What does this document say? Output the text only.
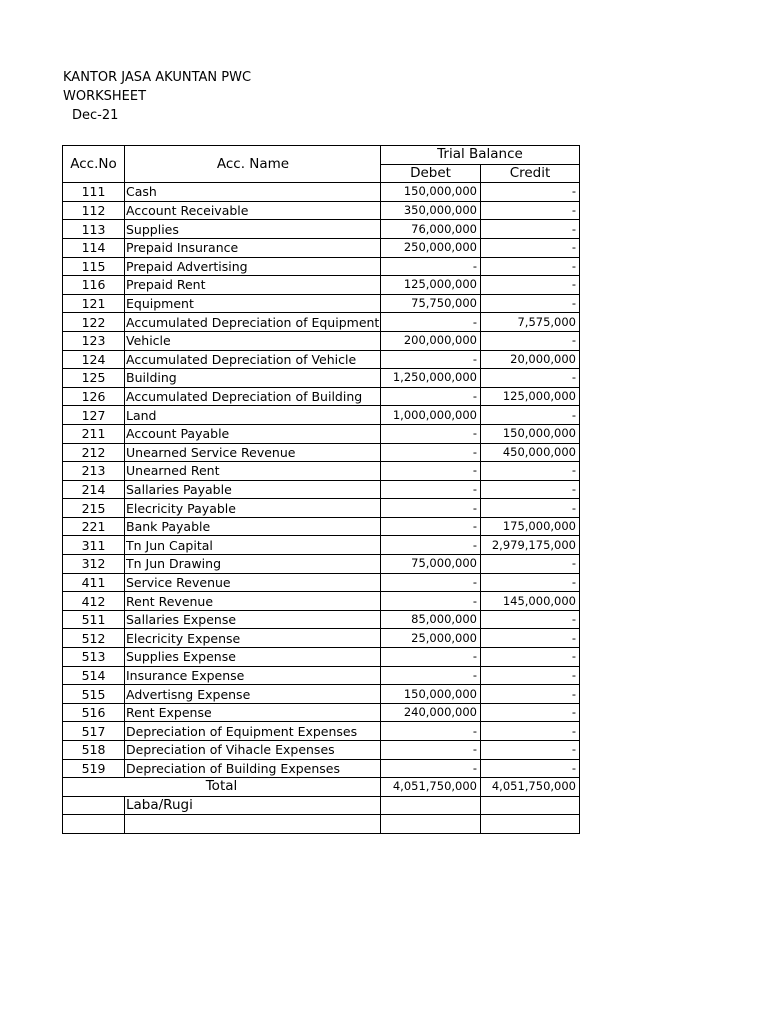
KANTOR JASA AKUNTAN PWC
WORKSHEET
Dec-21
Acc.No	Acc. Name	Trial Balance	
		Debet	Credit
111	Cash	150,000,000	-
112	Account Receivable	350,000,000	-
113	Supplies	76,000,000	-
114	Prepaid Insurance	250,000,000	-
115	Prepaid Advertising	-	-
116	Prepaid Rent	125,000,000	-
121	Equipment	75,750,000	-
122	Accumulated Depreciation of Equipment	-	7,575,000
123	Vehicle	200,000,000	-
124	Accumulated Depreciation of Vehicle	-	20,000,000
125	Building	1,250,000,000	-
126	Accumulated Depreciation of Building	-	125,000,000
127	Land	1,000,000,000	-
211	Account Payable	-	150,000,000
212	Unearned Service Revenue	-	450,000,000
213	Unearned Rent	-	-
214	Sallaries Payable	-	-
215	Elecricity Payable	-	-
221	Bank Payable	-	175,000,000
311	Tn Jun Capital	-	2,979,175,000
312	Tn Jun Drawing	75,000,000	-
411	Service Revenue	-	-
412	Rent Revenue	-	145,000,000
511	Sallaries Expense	85,000,000	-
512	Elecricity Expense	25,000,000	-
513	Supplies Expense	-	-
514	Insurance Expense	-	-
515	Advertisng Expense	150,000,000	-
516	Rent Expense	240,000,000	-
517	Depreciation of Equipment Expenses	-	-
518	Depreciation of Vihacle Expenses	-	-
519	Depreciation of Building Expenses	-	-
Total		4,051,750,000	4,051,750,000
	Laba/Rugi		
